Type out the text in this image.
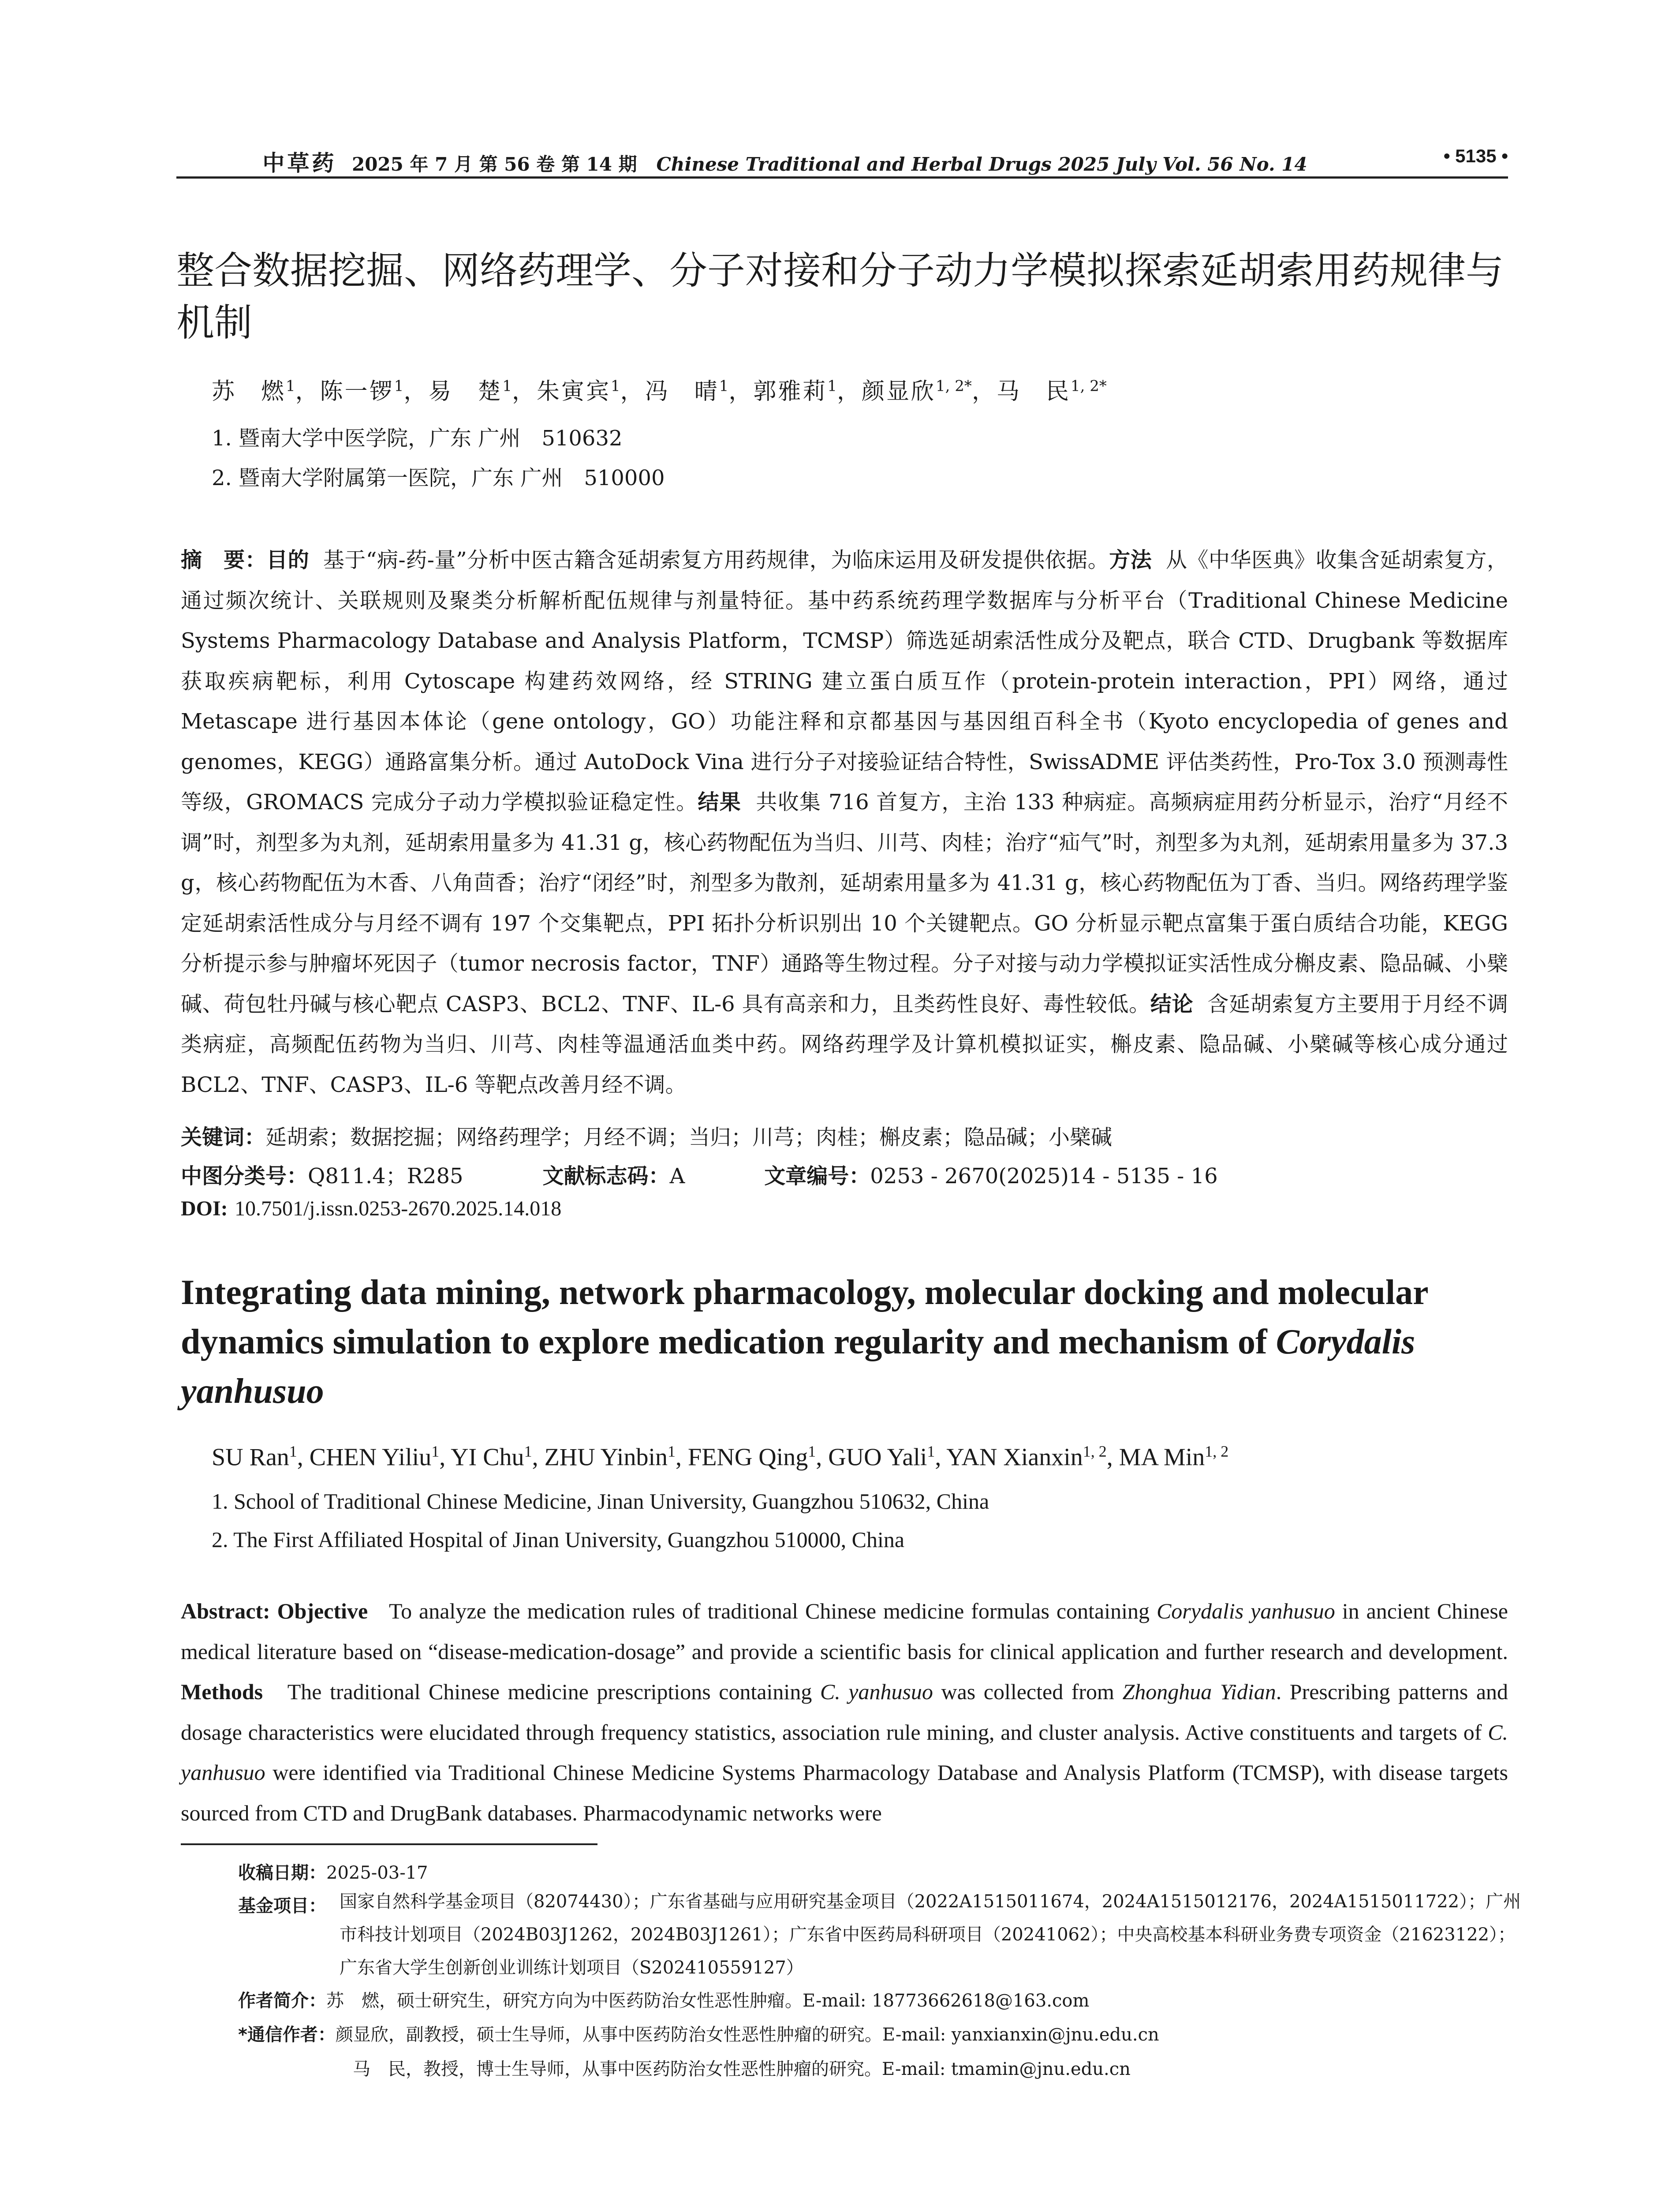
中草药 2025 年 7 月 第 56 卷 第 14 期 Chinese Traditional and Herbal Drugs 2025 July Vol. 56 No. 14	• 5135 •
整合数据挖掘、网络药理学、分子对接和分子动力学模拟探索延胡索用药规律与机制
苏　燃$^1$，陈一锣$^1$，易　楚$^1$，朱寅宾$^1$，冯　晴$^1$，郭雅莉$^1$，颜显欣$^{1, 2*}$，马　民$^{1, 2*}$
1. 暨南大学中医学院，广东 广州　510632
2. 暨南大学附属第一医院，广东 广州　510000
摘　要：目的 基于“病-药-量”分析中医古籍含延胡索复方用药规律，为临床运用及研发提供依据。方法 从《中华医典》收集含延胡索复方，通过频次统计、关联规则及聚类分析解析配伍规律与剂量特征。基中药系统药理学数据库与分析平台（Traditional Chinese Medicine Systems Pharmacology Database and Analysis Platform，TCMSP）筛选延胡索活性成分及靶点，联合 CTD、Drugbank 等数据库获取疾病靶标，利用 Cytoscape 构建药效网络，经 STRING 建立蛋白质互作（protein-protein interaction，PPI）网络，通过 Metascape 进行基因本体论（gene ontology，GO）功能注释和京都基因与基因组百科全书（Kyoto encyclopedia of genes and genomes，KEGG）通路富集分析。通过 AutoDock Vina 进行分子对接验证结合特性，SwissADME 评估类药性，Pro-Tox 3.0 预测毒性等级，GROMACS 完成分子动力学模拟验证稳定性。结果 共收集 716 首复方，主治 133 种病症。高频病症用药分析显示，治疗“月经不调”时，剂型多为丸剂，延胡索用量多为 41.31 g，核心药物配伍为当归、川芎、肉桂；治疗“疝气”时，剂型多为丸剂，延胡索用量多为 37.3 g，核心药物配伍为木香、八角茴香；治疗“闭经”时，剂型多为散剂，延胡索用量多为 41.31 g，核心药物配伍为丁香、当归。网络药理学鉴定延胡索活性成分与月经不调有 197 个交集靶点，PPI 拓扑分析识别出 10 个关键靶点。GO 分析显示靶点富集于蛋白质结合功能，KEGG 分析提示参与肿瘤坏死因子（tumor necrosis factor，TNF）通路等生物过程。分子对接与动力学模拟证实活性成分槲皮素、隐品碱、小檗碱、荷包牡丹碱与核心靶点 CASP3、BCL2、TNF、IL-6 具有高亲和力，且类药性良好、毒性较低。结论 含延胡索复方主要用于月经不调类病症，高频配伍药物为当归、川芎、肉桂等温通活血类中药。网络药理学及计算机模拟证实，槲皮素、隐品碱、小檗碱等核心成分通过 BCL2、TNF、CASP3、IL-6 等靶点改善月经不调。
关键词：延胡索；数据挖掘；网络药理学；月经不调；当归；川芎；肉桂；槲皮素；隐品碱；小檗碱
中图分类号：Q811.4；R285	文献标志码：A	文章编号：0253 - 2670(2025)14 - 5135 - 16
DOI: 10.7501/j.issn.0253-2670.2025.14.018
Integrating data mining, network pharmacology, molecular docking and molecular dynamics simulation to explore medication regularity and mechanism of Corydalis yanhusuo
SU Ran$^1$, CHEN Yiliu$^1$, YI Chu$^1$, ZHU Yinbin$^1$, FENG Qing$^1$, GUO Yali$^1$, YAN Xianxin$^{1, 2}$, MA Min$^{1, 2}$
1. School of Traditional Chinese Medicine, Jinan University, Guangzhou 510632, China
2. The First Affiliated Hospital of Jinan University, Guangzhou 510000, China
Abstract: Objective To analyze the medication rules of traditional Chinese medicine formulas containing Corydalis yanhusuo in ancient Chinese medical literature based on “disease-medication-dosage” and provide a scientific basis for clinical application and further research and development. Methods The traditional Chinese medicine prescriptions containing C. yanhusuo was collected from Zhonghua Yidian. Prescribing patterns and dosage characteristics were elucidated through frequency statistics, association rule mining, and cluster analysis. Active constituents and targets of C. yanhusuo were identified via Traditional Chinese Medicine Systems Pharmacology Database and Analysis Platform (TCMSP), with disease targets sourced from CTD and DrugBank databases. Pharmacodynamic networks were
收稿日期：2025-03-17
基金项目： 国家自然科学基金项目（82074430）；广东省基础与应用研究基金项目（2022A1515011674，2024A1515012176，2024A1515011722）；广州市科技计划项目（2024B03J1262，2024B03J1261）；广东省中医药局科研项目（20241062）；中央高校基本科研业务费专项资金（21623122）；广东省大学生创新创业训练计划项目（S202410559127）
作者简介：苏　燃，硕士研究生，研究方向为中医药防治女性恶性肿瘤。E-mail: 18773662618@163.com
*通信作者：颜显欣，副教授，硕士生导师，从事中医药防治女性恶性肿瘤的研究。E-mail: yanxianxin@jnu.edu.cn
马　民，教授，博士生导师，从事中医药防治女性恶性肿瘤的研究。E-mail: tmamin@jnu.edu.cn
